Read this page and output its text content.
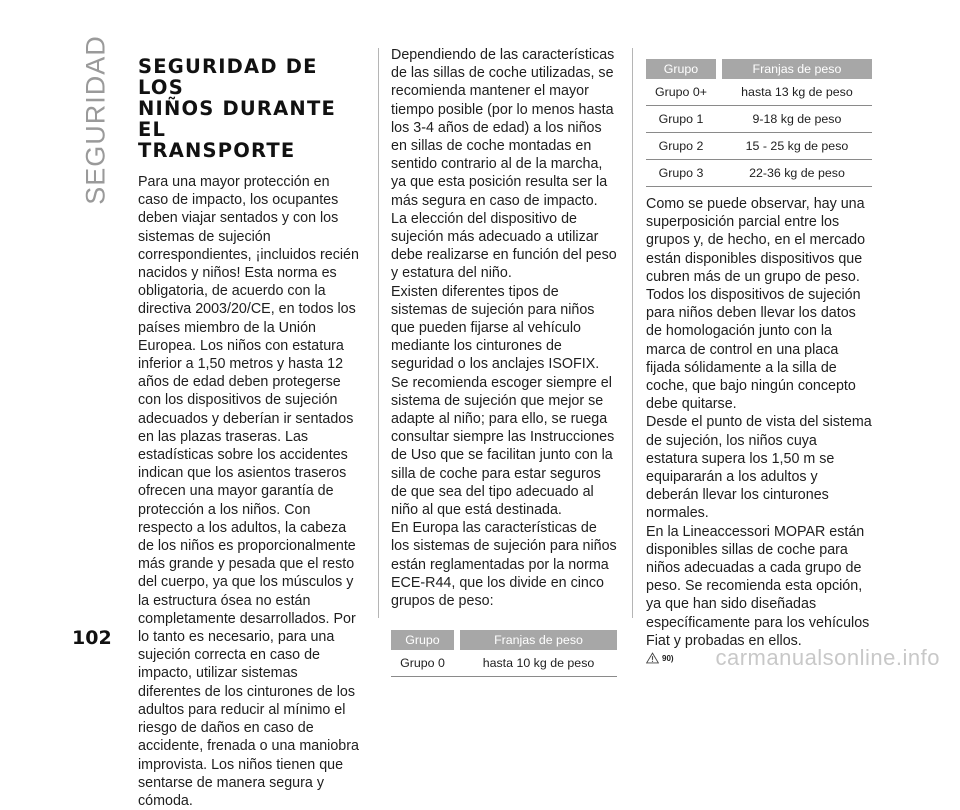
SEGURIDAD
102
SEGURIDAD DE LOS
NIÑOS DURANTE EL
TRANSPORTE

Para una mayor protección en caso de impacto, los ocupantes deben viajar sentados y con los sistemas de sujeción correspondientes, ¡incluidos recién nacidos y niños! Esta norma es obligatoria, de acuerdo con la directiva 2003/20/CE, en todos los países miembro de la Unión Europea. Los niños con estatura inferior a 1,50 metros y hasta 12 años de edad deben protegerse con los dispositivos de sujeción adecuados y deberían ir sentados en las plazas traseras. Las estadísticas sobre los accidentes indican que los asientos traseros ofrecen una mayor garantía de protección a los niños. Con respecto a los adultos, la cabeza de los niños es proporcionalmente más grande y pesada que el resto del cuerpo, ya que los músculos y la estructura ósea no están completamente desarrollados. Por lo tanto es necesario, para una sujeción correcta en caso de impacto, utilizar sistemas diferentes de los cinturones de los adultos para reducir al mínimo el riesgo de daños en caso de accidente, frenada o una maniobra improvista. Los niños tienen que sentarse de manera segura y cómoda.

Dependiendo de las características de las sillas de coche utilizadas, se recomienda mantener el mayor tiempo posible (por lo menos hasta los 3-4 años de edad) a los niños en sillas de coche montadas en sentido contrario al de la marcha, ya que esta posición resulta ser la más segura en caso de impacto. La elección del dispositivo de sujeción más adecuado a utilizar debe realizarse en función del peso y estatura del niño.

Existen diferentes tipos de sistemas de sujeción para niños que pueden fijarse al vehículo mediante los cinturones de seguridad o los anclajes ISOFIX.

Se recomienda escoger siempre el sistema de sujeción que mejor se adapte al niño; para ello, se ruega consultar siempre las Instrucciones de Uso que se facilitan junto con la silla de coche para estar seguros de que sea del tipo adecuado al niño al que está destinada.

En Europa las características de los sistemas de sujeción para niños están reglamentadas por la norma ECE-R44, que los divide en cinco grupos de peso:

Grupo		Franjas de peso
Grupo 0		hasta 10 kg de peso
Grupo		Franjas de peso
Grupo 0+		hasta 13 kg de peso
Grupo 1		9-18 kg de peso
Grupo 2		15 - 25 kg de peso
Grupo 3		22-36 kg de peso

Como se puede observar, hay una superposición parcial entre los grupos y, de hecho, en el mercado están disponibles dispositivos que cubren más de un grupo de peso.

Todos los dispositivos de sujeción para niños deben llevar los datos de homologación junto con la marca de control en una placa fijada sólidamente a la silla de coche, que bajo ningún concepto debe quitarse.

Desde el punto de vista del sistema de sujeción, los niños cuya estatura supera los 1,50 m se equipararán a los adultos y deberán llevar los cinturones normales.

En la Lineaccessori MOPAR están disponibles sillas de coche para niños adecuadas a cada grupo de peso. Se recomienda esta opción, ya que han sido diseñadas específicamente para los vehículos Fiat y probadas en ellos.

90) carmanualsonline.info
